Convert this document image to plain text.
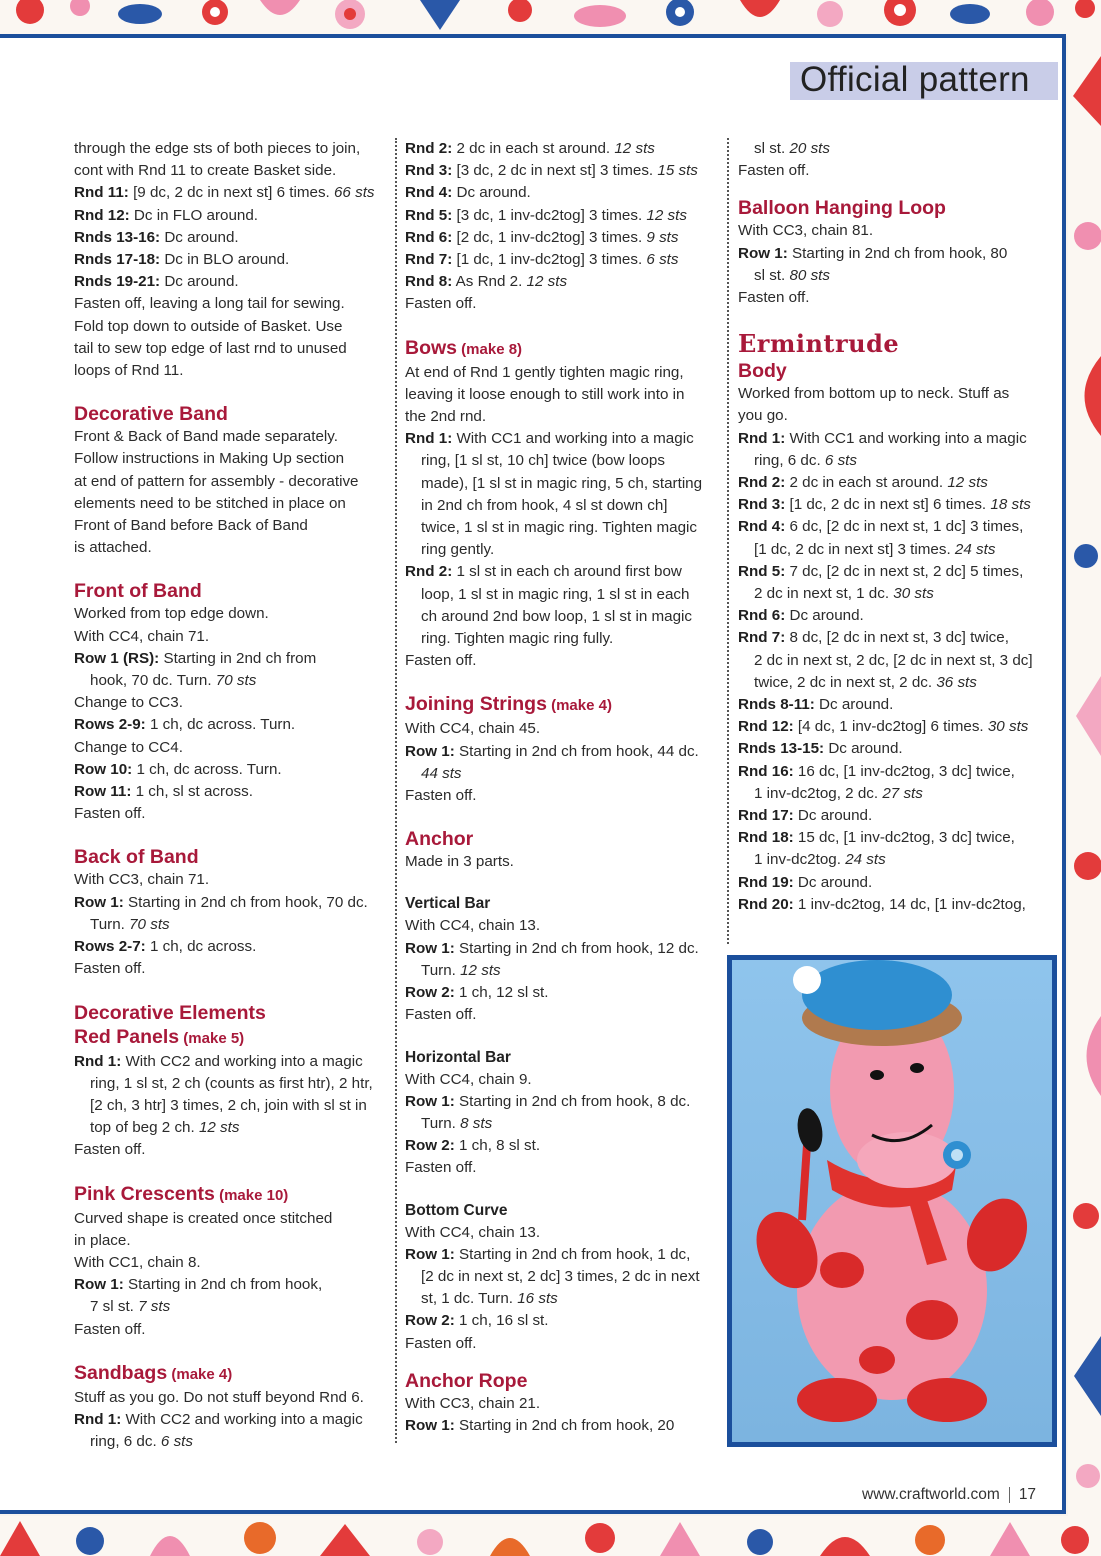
Official pattern

through the edge sts of both pieces to join,

cont with Rnd 11 to create Basket side.

Rnd 11: [9 dc, 2 dc in next st] 6 times. 66 sts

Rnd 12: Dc in FLO around.

Rnds 13-16: Dc around.

Rnds 17-18: Dc in BLO around.

Rnds 19-21: Dc around.

Fasten off, leaving a long tail for sewing.

Fold top down to outside of Basket. Use

tail to sew top edge of last rnd to unused

loops of Rnd 11.

Decorative Band

Front & Back of Band made separately.

Follow instructions in Making Up section

at end of pattern for assembly - decorative

elements need to be stitched in place on

Front of Band before Back of Band

is attached.

Front of Band

Worked from top edge down.

With CC4, chain 71.

Row 1 (RS): Starting in 2nd ch from

hook, 70 dc. Turn. 70 sts

Change to CC3.

Rows 2-9: 1 ch, dc across. Turn.

Change to CC4.

Row 10: 1 ch, dc across. Turn.

Row 11: 1 ch, sl st across.

Fasten off.

Back of Band

With CC3, chain 71.

Row 1: Starting in 2nd ch from hook, 70 dc.

Turn. 70 sts

Rows 2-7: 1 ch, dc across.

Fasten off.

Decorative Elements
Red Panels (make 5)

Rnd 1: With CC2 and working into a magic

ring, 1 sl st, 2 ch (counts as first htr), 2 htr,

[2 ch, 3 htr] 3 times, 2 ch, join with sl st in

top of beg 2 ch. 12 sts

Fasten off.

Pink Crescents (make 10)

Curved shape is created once stitched

in place.

With CC1, chain 8.

Row 1: Starting in 2nd ch from hook,

7 sl st. 7 sts

Fasten off.

Sandbags (make 4)

Stuff as you go. Do not stuff beyond Rnd 6.

Rnd 1: With CC2 and working into a magic

ring, 6 dc. 6 sts

Rnd 2: 2 dc in each st around. 12 sts

Rnd 3: [3 dc, 2 dc in next st] 3 times. 15 sts

Rnd 4: Dc around.

Rnd 5: [3 dc, 1 inv-dc2tog] 3 times. 12 sts

Rnd 6: [2 dc, 1 inv-dc2tog] 3 times. 9 sts

Rnd 7: [1 dc, 1 inv-dc2tog] 3 times. 6 sts

Rnd 8: As Rnd 2. 12 sts

Fasten off.

Bows (make 8)

At end of Rnd 1 gently tighten magic ring,

leaving it loose enough to still work into in

the 2nd rnd.

Rnd 1: With CC1 and working into a magic

ring, [1 sl st, 10 ch] twice (bow loops

made), [1 sl st in magic ring, 5 ch, starting

in 2nd ch from hook, 4 sl st down ch]

twice, 1 sl st in magic ring. Tighten magic

ring gently.

Rnd 2: 1 sl st in each ch around first bow

loop, 1 sl st in magic ring, 1 sl st in each

ch around 2nd bow loop, 1 sl st in magic

ring. Tighten magic ring fully.

Fasten off.

Joining Strings (make 4)

With CC4, chain 45.

Row 1: Starting in 2nd ch from hook, 44 dc.

44 sts

Fasten off.

Anchor

Made in 3 parts.

Vertical Bar

With CC4, chain 13.

Row 1: Starting in 2nd ch from hook, 12 dc.

Turn. 12 sts

Row 2: 1 ch, 12 sl st.

Fasten off.

Horizontal Bar

With CC4, chain 9.

Row 1: Starting in 2nd ch from hook, 8 dc.

Turn. 8 sts

Row 2: 1 ch, 8 sl st.

Fasten off.

Bottom Curve

With CC4, chain 13.

Row 1: Starting in 2nd ch from hook, 1 dc,

[2 dc in next st, 2 dc] 3 times, 2 dc in next

st, 1 dc. Turn. 16 sts

Row 2: 1 ch, 16 sl st.

Fasten off.

Anchor Rope

With CC3, chain 21.

Row 1: Starting in 2nd ch from hook, 20

sl st. 20 sts

Fasten off.

Balloon Hanging Loop

With CC3, chain 81.

Row 1: Starting in 2nd ch from hook, 80

sl st. 80 sts

Fasten off.

Ermintrude
Body

Worked from bottom up to neck. Stuff as

you go.

Rnd 1: With CC1 and working into a magic

ring, 6 dc. 6 sts

Rnd 2: 2 dc in each st around. 12 sts

Rnd 3: [1 dc, 2 dc in next st] 6 times. 18 sts

Rnd 4: 6 dc, [2 dc in next st, 1 dc] 3 times,

[1 dc, 2 dc in next st] 3 times. 24 sts

Rnd 5: 7 dc, [2 dc in next st, 2 dc] 5 times,

2 dc in next st, 1 dc. 30 sts

Rnd 6: Dc around.

Rnd 7: 8 dc, [2 dc in next st, 3 dc] twice,

2 dc in next st, 2 dc, [2 dc in next st, 3 dc]

twice, 2 dc in next st, 2 dc. 36 sts

Rnds 8-11: Dc around.

Rnd 12: [4 dc, 1 inv-dc2tog] 6 times. 30 sts

Rnds 13-15: Dc around.

Rnd 16: 16 dc, [1 inv-dc2tog, 3 dc] twice,

1 inv-dc2tog, 2 dc. 27 sts

Rnd 17: Dc around.

Rnd 18: 15 dc, [1 inv-dc2tog, 3 dc] twice,

1 inv-dc2tog. 24 sts

Rnd 19: Dc around.

Rnd 20: 1 inv-dc2tog, 14 dc, [1 inv-dc2tog,

www.craftworld.com 17
